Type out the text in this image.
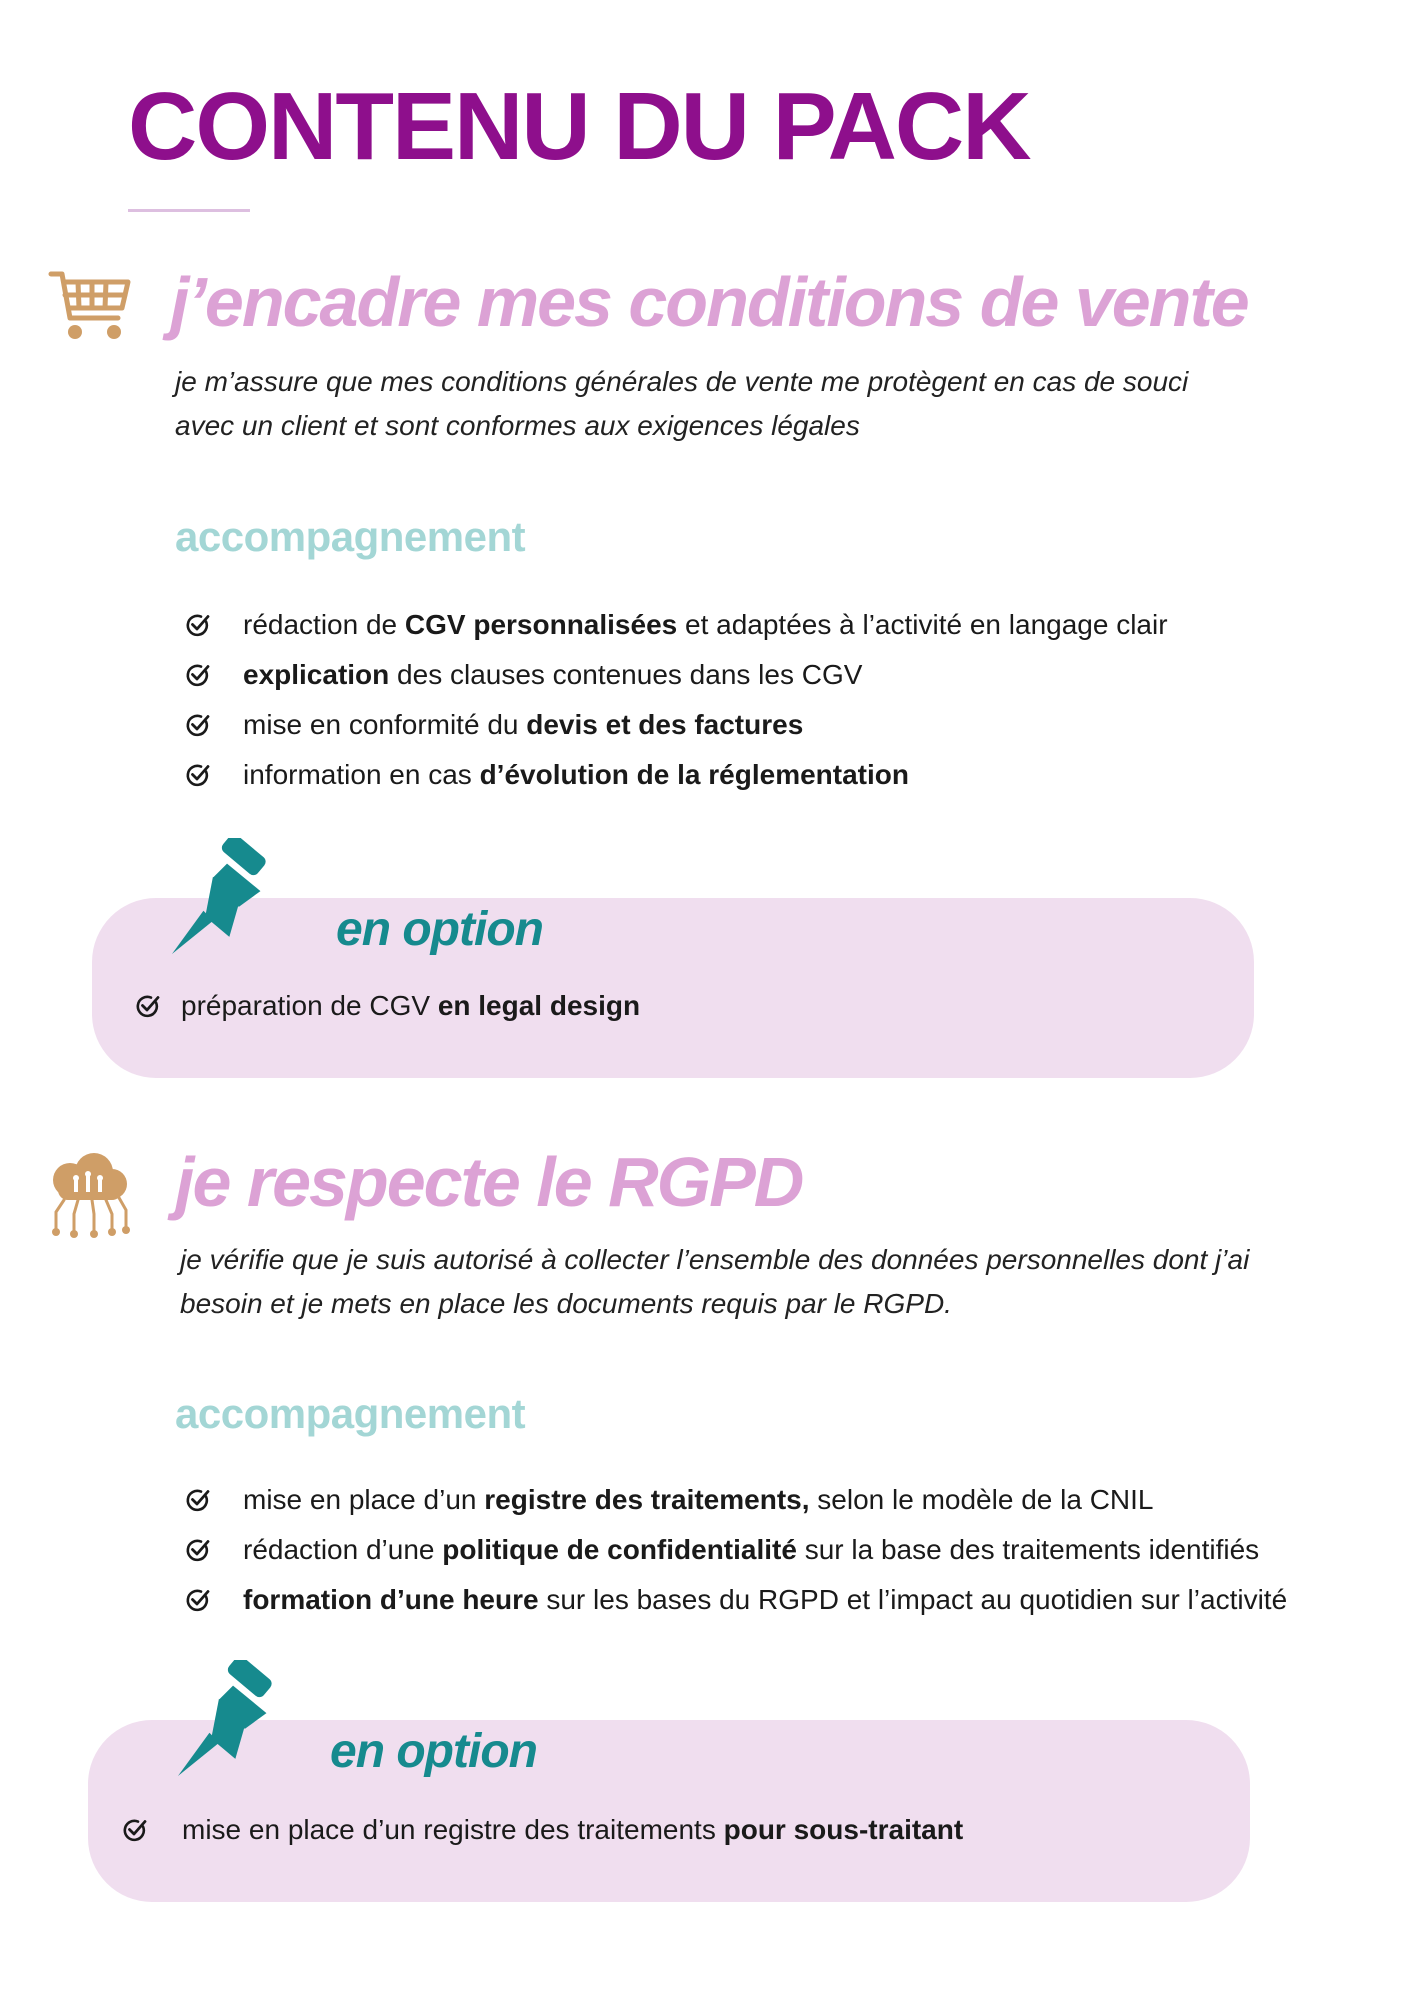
CONTENU DU PACK
j’encadre mes conditions de vente

je m’assure que mes conditions générales de vente me protègent en cas de souci

avec un client et sont conformes aux exigences légales

accompagnement
rédaction de CGV personnalisées et adaptées à l’activité en langage clair
explication des clauses contenues dans les CGV
mise en conformité du devis et des factures
information en cas d’évolution de la réglementation
en option
préparation de CGV en legal design
je respecte le RGPD

je vérifie que je suis autorisé à collecter l’ensemble des données personnelles dont j’ai

besoin et je mets en place les documents requis par le RGPD.

accompagnement
mise en place d’un registre des traitements, selon le modèle de la CNIL
rédaction d’une politique de confidentialité sur la base des traitements identifiés
formation d’une heure sur les bases du RGPD et l’impact au quotidien sur l’activité
en option
mise en place d’un registre des traitements pour sous-traitant
